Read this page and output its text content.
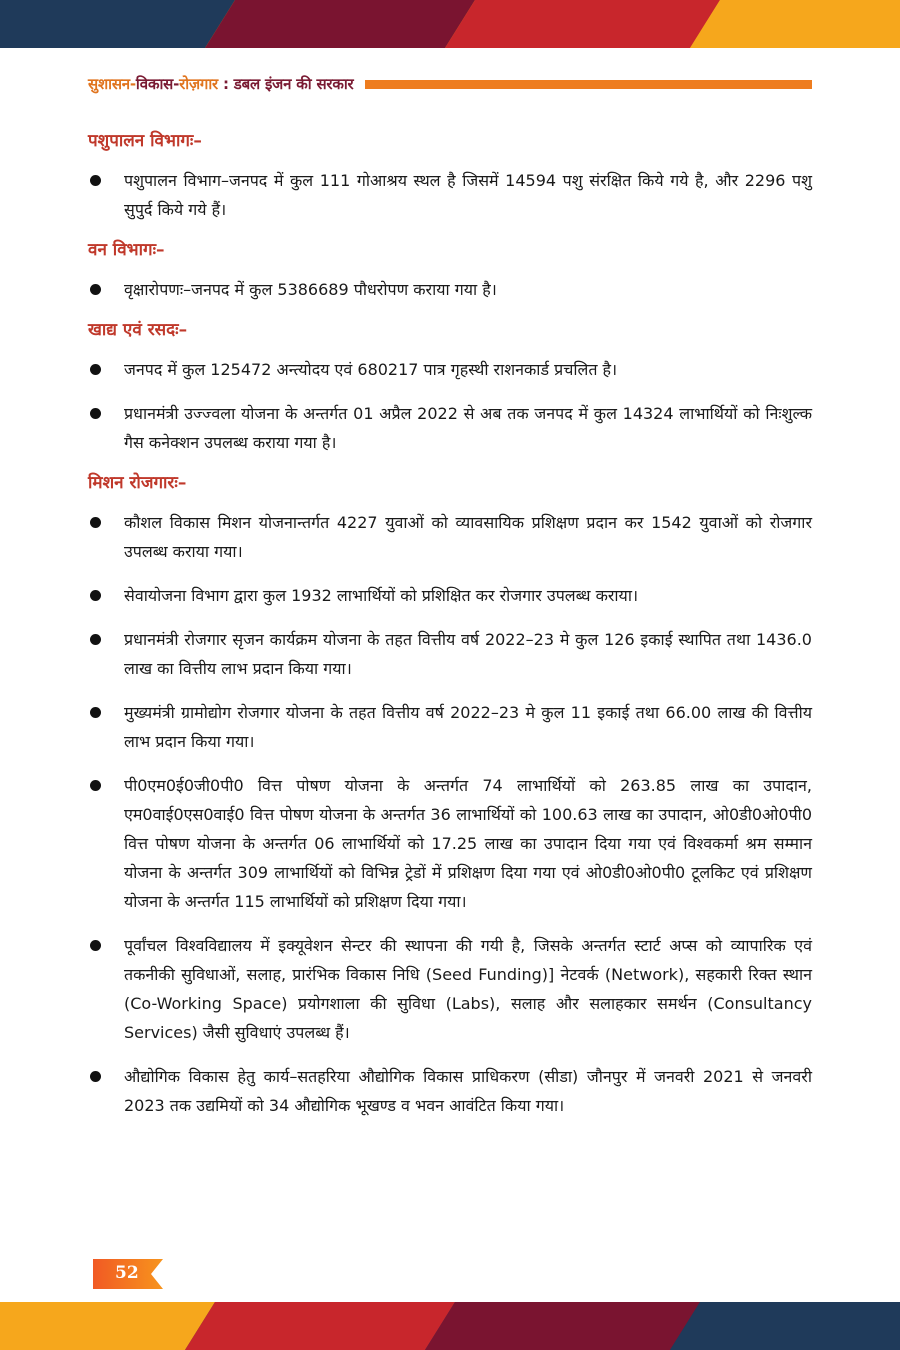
सुशासन-विकास-रोज़गार : डबल इंजन की सरकार
पशुपालन विभागः–
पशुपालन विभाग–जनपद में कुल 111 गोआश्रय स्थल है जिसमें 14594 पशु संरक्षित किये गये है, और 2296 पशु सुपुर्द किये गये हैं।
वन विभागः–
वृक्षारोपणः–जनपद में कुल 5386689 पौधरोपण कराया गया है।
खाद्य एवं रसदः–
जनपद में कुल 125472 अन्त्योदय एवं 680217 पात्र गृहस्थी राशनकार्ड प्रचलित है।
प्रधानमंत्री उज्ज्वला योजना के अन्तर्गत 01 अप्रैल 2022 से अब तक जनपद में कुल 14324 लाभार्थियों को निःशुल्क गैस कनेक्शन उपलब्ध कराया गया है।
मिशन रोजगारः–
कौशल विकास मिशन योजनान्तर्गत 4227 युवाओं को व्यावसायिक प्रशिक्षण प्रदान कर 1542 युवाओं को रोजगार उपलब्ध कराया गया।
सेवायोजना विभाग द्वारा कुल 1932 लाभार्थियों को प्रशिक्षित कर रोजगार उपलब्ध कराया।
प्रधानमंत्री रोजगार सृजन कार्यक्रम योजना के तहत वित्तीय वर्ष 2022–23 मे कुल 126 इकाई स्थापित तथा 1436.0 लाख का वित्तीय लाभ प्रदान किया गया।
मुख्यमंत्री ग्रामोद्योग रोजगार योजना के तहत वित्तीय वर्ष 2022–23 मे कुल 11 इकाई तथा 66.00 लाख की वित्तीय लाभ प्रदान किया गया।
पी0एम0ई0जी0पी0 वित्त पोषण योजना के अन्तर्गत 74 लाभार्थियों को 263.85 लाख का उपादान, एम0वाई0एस0वाई0 वित्त पोषण योजना के अन्तर्गत 36 लाभार्थियों को 100.63 लाख का उपादान, ओ0डी0ओ0पी0 वित्त पोषण योजना के अन्तर्गत 06 लाभार्थियों को 17.25 लाख का उपादान दिया गया एवं विश्वकर्मा श्रम सम्मान योजना के अन्तर्गत 309 लाभार्थियों को विभिन्न ट्रेडों में प्रशिक्षण दिया गया एवं ओ0डी0ओ0पी0 टूलकिट एवं प्रशिक्षण योजना के अन्तर्गत 115 लाभार्थियों को प्रशिक्षण दिया गया।
पूर्वांचल विश्वविद्यालय में इक्यूवेशन सेन्टर की स्थापना की गयी है, जिसके अन्तर्गत स्टार्ट अप्स को व्यापारिक एवं तकनीकी सुविधाओं, सलाह, प्रारंभिक विकास निधि (Seed Funding)] नेटवर्क (Network), सहकारी रिक्त स्थान (Co-Working Space) प्रयोगशाला की सुविधा (Labs), सलाह और सलाहकार समर्थन (Consultancy Services) जैसी सुविधाएं उपलब्ध हैं।
औद्योगिक विकास हेतु कार्य–सतहरिया औद्योगिक विकास प्राधिकरण (सीडा) जौनपुर में जनवरी 2021 से जनवरी 2023 तक उद्यमियों को 34 औद्योगिक भूखण्ड व भवन आवंटित किया गया।
52
